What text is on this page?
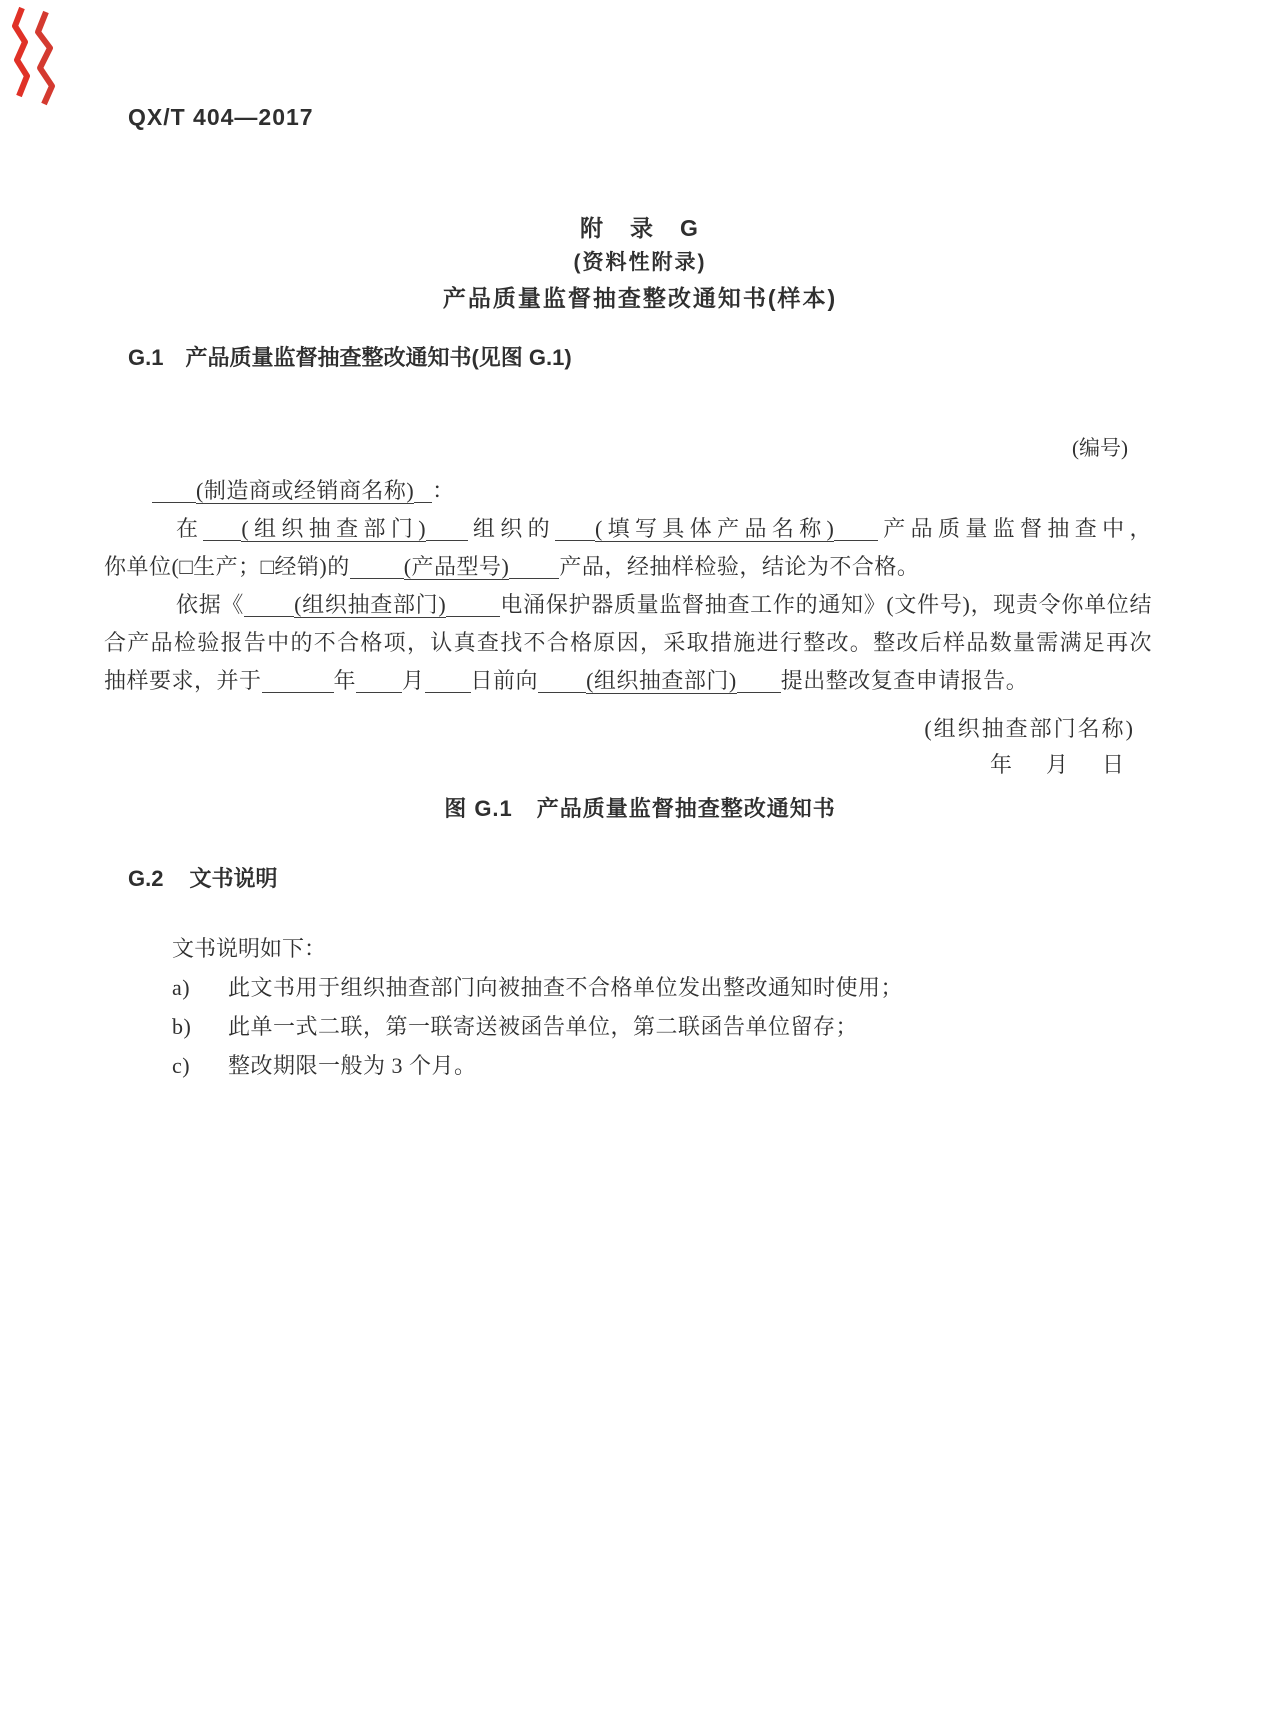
QX/T 404—2017
附　录　G
(资料性附录)
产品质量监督抽查整改通知书(样本)
G.1 产品质量监督抽查整改通知书(见图 G.1)
(编号)
(制造商或经销商名称) ：
在 (组织抽查部门) 组织的 (填写具体产品名称) 产品质量监督抽查中，
你单位(□生产；□经销)的 (产品型号) 产品，经抽样检验，结论为不合格。
依据《 (组织抽查部门) 电涌保护器质量监督抽查工作的通知》(文件号)，现责令你单位结
合产品检验报告中的不合格项，认真查找不合格原因，采取措施进行整改。整改后样品数量需满足再次
抽样要求，并于	年 月 日前向 (组织抽查部门) 提出整改复查申请报告。
(组织抽查部门名称)
年　月　日
图 G.1 产品质量监督抽查整改通知书
G.2 文书说明
文书说明如下：
a) 此文书用于组织抽查部门向被抽查不合格单位发出整改通知时使用；
b) 此单一式二联，第一联寄送被函告单位，第二联函告单位留存；
c) 整改期限一般为 3 个月。
